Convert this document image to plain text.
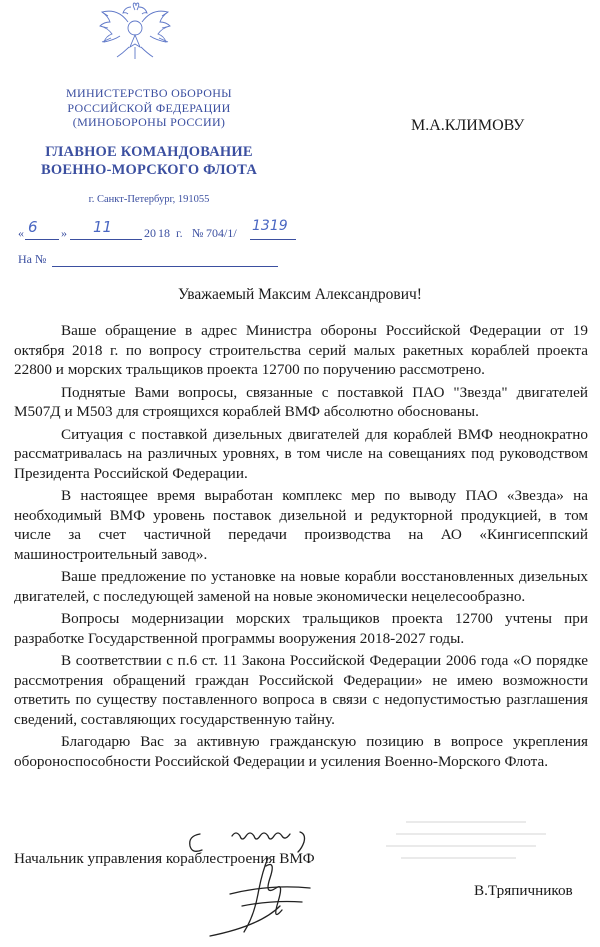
МИНИСТЕРСТВО ОБОРОНЫ
РОССИЙСКОЙ ФЕДЕРАЦИИ
(МИНОБОРОНЫ РОССИИ)
ГЛАВНОЕ КОМАНДОВАНИЕ
ВОЕННО-МОРСКОГО ФЛОТА
г. Санкт-Петербург, 191055
М.А.КЛИМОВУ
« 6 » 11	20 18 г. № 704/1/ 1319
На №
Уважаемый Максим Александрович!

Ваше обращение в адрес Министра обороны Российской Федерации от 19 октября 2018 г. по вопросу строительства серий малых ракетных кораблей проекта 22800 и морских тральщиков проекта 12700 по поручению рассмотрено.

Поднятые Вами вопросы, связанные с поставкой ПАО "Звезда" двигателей М507Д и М503 для строящихся кораблей ВМФ абсолютно обоснованы.

Ситуация с поставкой дизельных двигателей для кораблей ВМФ неоднократно рассматривалась на различных уровнях, в том числе на совещаниях под руководством Президента Российской Федерации.

В настоящее время выработан комплекс мер по выводу ПАО «Звезда» на необходимый ВМФ уровень поставок дизельной и редукторной продукцией, в том числе за счет частичной передачи производства на АО «Кингисеппский машиностроительный завод».

Ваше предложение по установке на новые корабли восстановленных дизельных двигателей, с последующей заменой на новые экономически нецелесообразно.

Вопросы модернизации морских тральщиков проекта 12700 учтены при разработке Государственной программы вооружения 2018-2027 годы.

В соответствии с п.6 ст. 11 Закона Российской Федерации 2006 года «О порядке рассмотрения обращений граждан Российской Федерации» не имею возможности ответить по существу поставленного вопроса в связи с недопустимостью разглашения сведений, составляющих государственную тайну.

Благодарю Вас за активную гражданскую позицию в вопросе укрепления обороноспособности Российской Федерации и усиления Военно-Морского Флота.

Начальник управления кораблестроения ВМФ
В.Тряпичников
